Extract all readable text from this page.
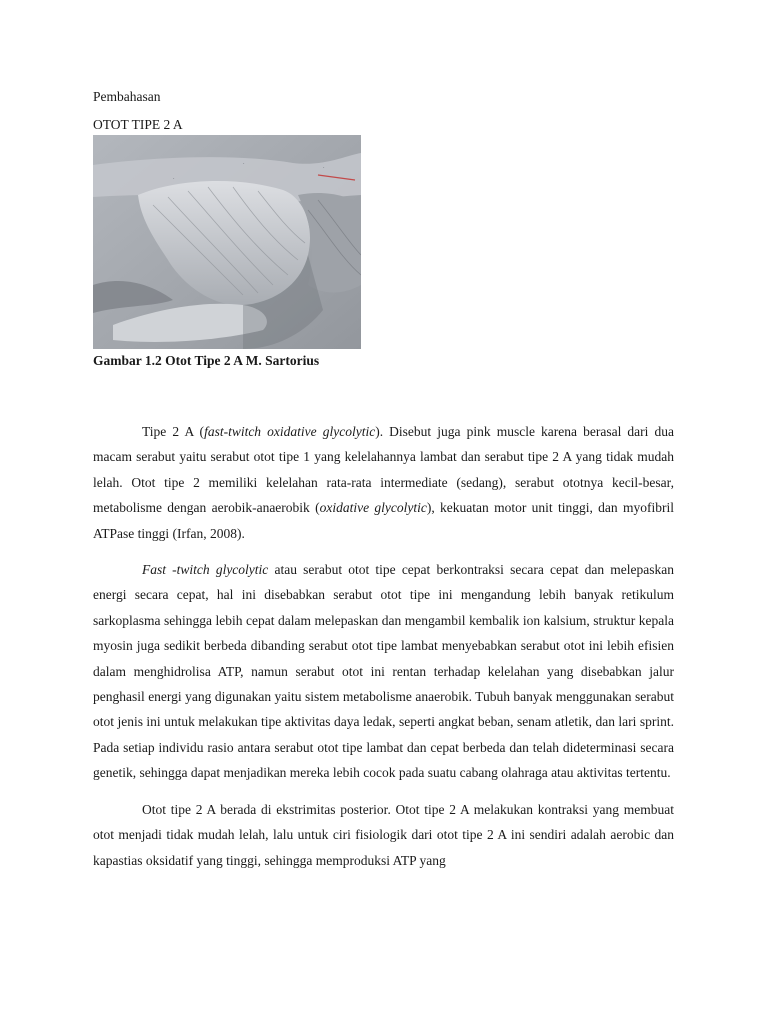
Pembahasan
OTOT TIPE 2 A
·
·
·
Gambar 1.2 Otot Tipe 2 A M. Sartorius

Tipe 2 A (fast-twitch oxidative glycolytic). Disebut juga pink muscle karena berasal dari dua macam serabut yaitu serabut otot tipe 1 yang kelelahannya lambat dan serabut tipe 2 A yang tidak mudah lelah. Otot tipe 2 memiliki kelelahan rata-rata intermediate (sedang), serabut ototnya kecil-besar, metabolisme dengan aerobik-anaerobik (oxidative glycolytic), kekuatan motor unit tinggi, dan myofibril ATPase tinggi (Irfan, 2008).

Fast -twitch glycolytic atau serabut otot tipe cepat berkontraksi secara cepat dan melepaskan energi secara cepat, hal ini disebabkan serabut otot tipe ini mengandung lebih banyak retikulum sarkoplasma sehingga lebih cepat dalam melepaskan dan mengambil kembalik ion kalsium, struktur kepala myosin juga sedikit berbeda dibanding serabut otot tipe lambat menyebabkan serabut otot ini lebih efisien dalam menghidrolisa ATP, namun serabut otot ini rentan terhadap kelelahan yang disebabkan jalur penghasil energi yang digunakan yaitu sistem metabolisme anaerobik. Tubuh banyak menggunakan serabut otot jenis ini untuk melakukan tipe aktivitas daya ledak, seperti angkat beban, senam atletik, dan lari sprint. Pada setiap individu rasio antara serabut otot tipe lambat dan cepat berbeda dan telah dideterminasi secara genetik, sehingga dapat menjadikan mereka lebih cocok pada suatu cabang olahraga atau aktivitas tertentu.

Otot tipe 2 A berada di ekstrimitas posterior. Otot tipe 2 A melakukan kontraksi yang membuat otot menjadi tidak mudah lelah, lalu untuk ciri fisiologik dari otot tipe 2 A ini sendiri adalah aerobic dan kapastias oksidatif yang tinggi, sehingga memproduksi ATP yang
